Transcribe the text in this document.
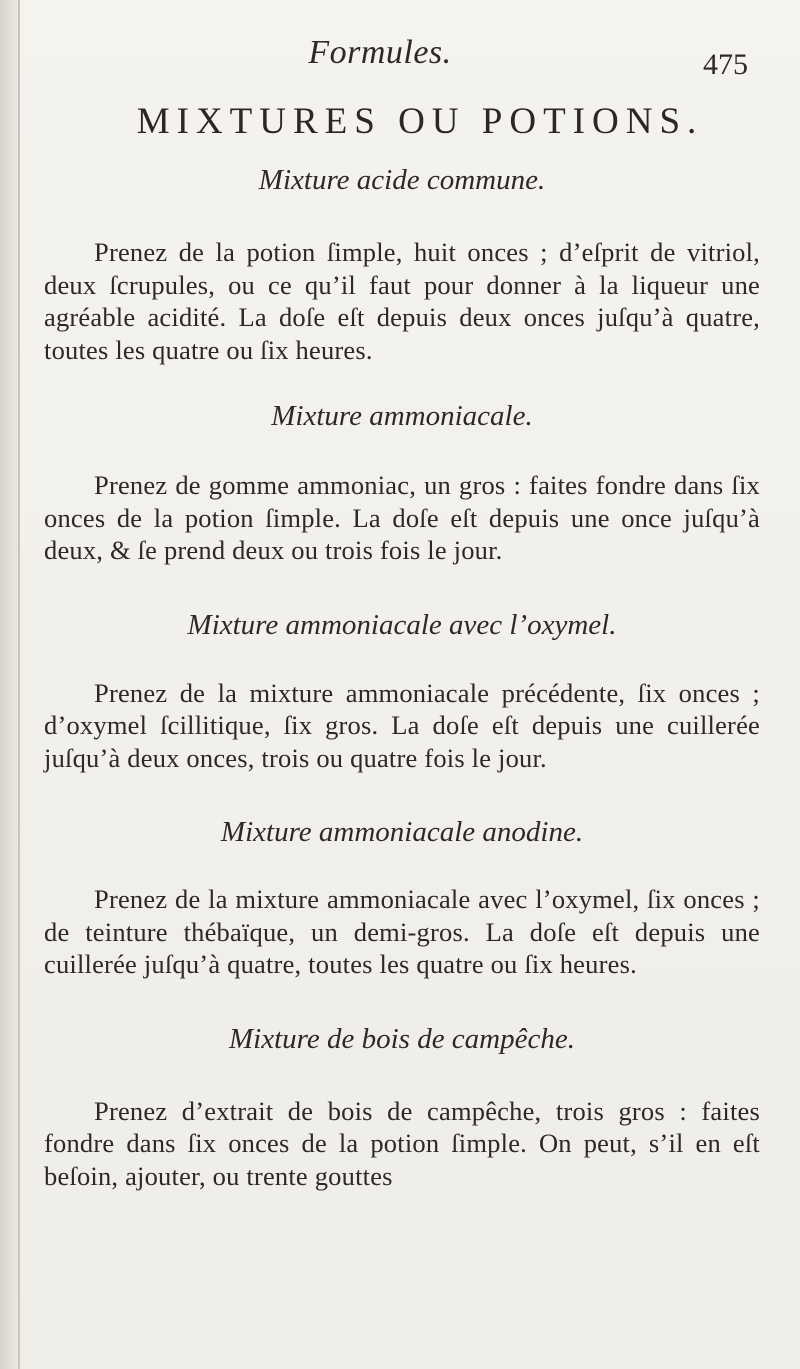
Formules.	475
MIXTURES OU POTIONS.

Mixture acide commune.

Prenez de la potion ſimple, huit onces ; d’eſprit de vitriol, deux ſcrupules, ou ce qu’il faut pour donner à la liqueur une agréable acidité. La doſe eſt depuis deux onces juſqu’à quatre, toutes les quatre ou ſix heures.

Mixture ammoniacale.

Prenez de gomme ammoniac, un gros : faites fondre dans ſix onces de la potion ſimple. La doſe eſt depuis une once juſqu’à deux, & ſe prend deux ou trois fois le jour.

Mixture ammoniacale avec l’oxymel.

Prenez de la mixture ammoniacale précédente, ſix onces ; d’oxymel ſcillitique, ſix gros. La doſe eſt depuis une cuillerée juſqu’à deux onces, trois ou quatre fois le jour.

Mixture ammoniacale anodine.

Prenez de la mixture ammoniacale avec l’oxymel, ſix onces ; de teinture thébaïque, un demi-gros. La doſe eſt depuis une cuillerée juſqu’à quatre, toutes les quatre ou ſix heures.

Mixture de bois de campêche.

Prenez d’extrait de bois de campêche, trois gros : faites fondre dans ſix onces de la potion ſimple. On peut, s’il en eſt beſoin, ajouter, ou trente gouttes
